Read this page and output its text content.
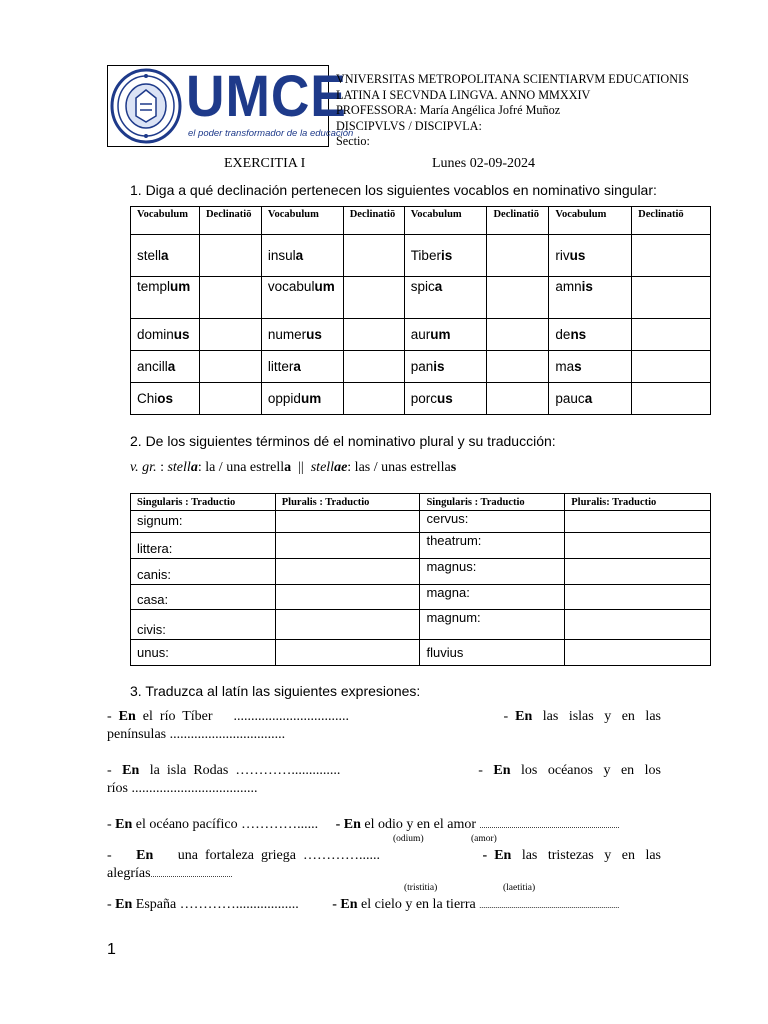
UMCE
el poder transformador de la educación
VNIVERSITAS METROPOLITANA SCIENTIARVM EDUCATIONIS
LATINA I SECVNDA LINGVA. ANNO MMXXIV
PROFESSORA: María Angélica Jofré Muñoz
DISCIPVLVS / DISCIPVLA:
Sectio:
EXERCITIA I	Lunes 02-09-2024
1. Diga a qué declinación pertenecen los siguientes vocablos en nominativo singular:
Vocabulum	Declinatiō	Vocabulum	Declinatiō	Vocabulum	Declinatiō	Vocabulum	Declinatiō
stella		insula		Tiberis		rivus	
templum		vocabulum		spica		amnis	
dominus		numerus		aurum		dens	
ancilla		littera		panis		mas	
Chios		oppidum		porcus		pauca	
2. De los siguientes términos dé el nominativo plural y su traducción:
v. gr. : stella: la / una estrella  ||  stellae: las / unas estrellas
Singularis : Traductio	Pluralis : Traductio	Singularis : Traductio	Pluralis: Traductio
signum:		cervus:	
littera:		theatrum:	
canis:		magnus:	
casa:		magna:	
civis:		magnum:	
unus:		fluvius	
3. Traduzca al latín las siguientes expresiones:
- En el  río  Tíber      .................................	- En las   islas   y   en   las
penínsulas .................................
- En la  isla  Rodas  …………..............	- En los   océanos   y   en   los
ríos ....................................
- En el océano pacífico …………...... - En el odio y en el amor ......................................................................
(odium)	(amor)
- En una  fortaleza  griega  …………......	-  En las   tristezas   y   en   las
alegrías.........................................
(tristitia)	(laetitia)
- En España ………….................. - En el cielo y en la tierra ......................................................................
1
